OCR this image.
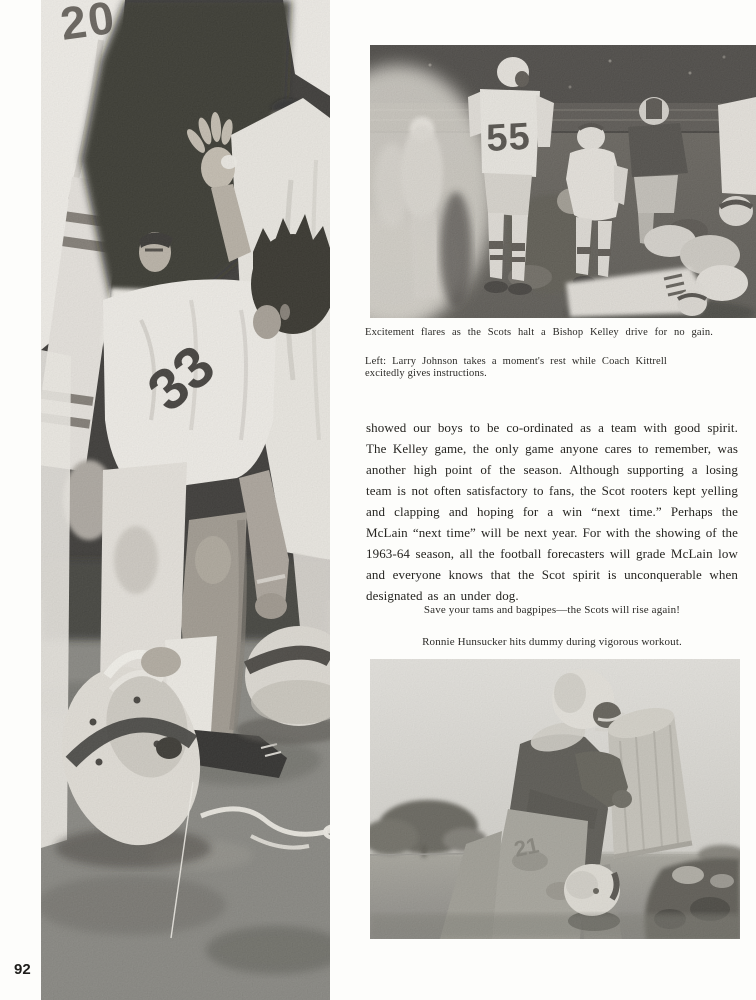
Excitement flares as the Scots halt a Bishop Kelley drive for no gain.

Left: Larry Johnson takes a moment's rest while Coach Kittrell excitedly gives instructions.

showed our boys to be co-ordinated as a team with good spirit. The Kelley game, the only game anyone cares to remember, was another high point of the season. Although supporting a losing team is not often satisfactory to fans, the Scot rooters kept yelling and clapping and hoping for a win “next time.” Perhaps the McLain “next time” will be next year. For with the showing of the 1963-64 season, all the football forecasters will grade McLain low and everyone knows that the Scot spirit is unconquerable when designated as an under dog.

Save your tams and bagpipes—the Scots will rise again!

Ronnie Hunsucker hits dummy during vigorous workout.

92
